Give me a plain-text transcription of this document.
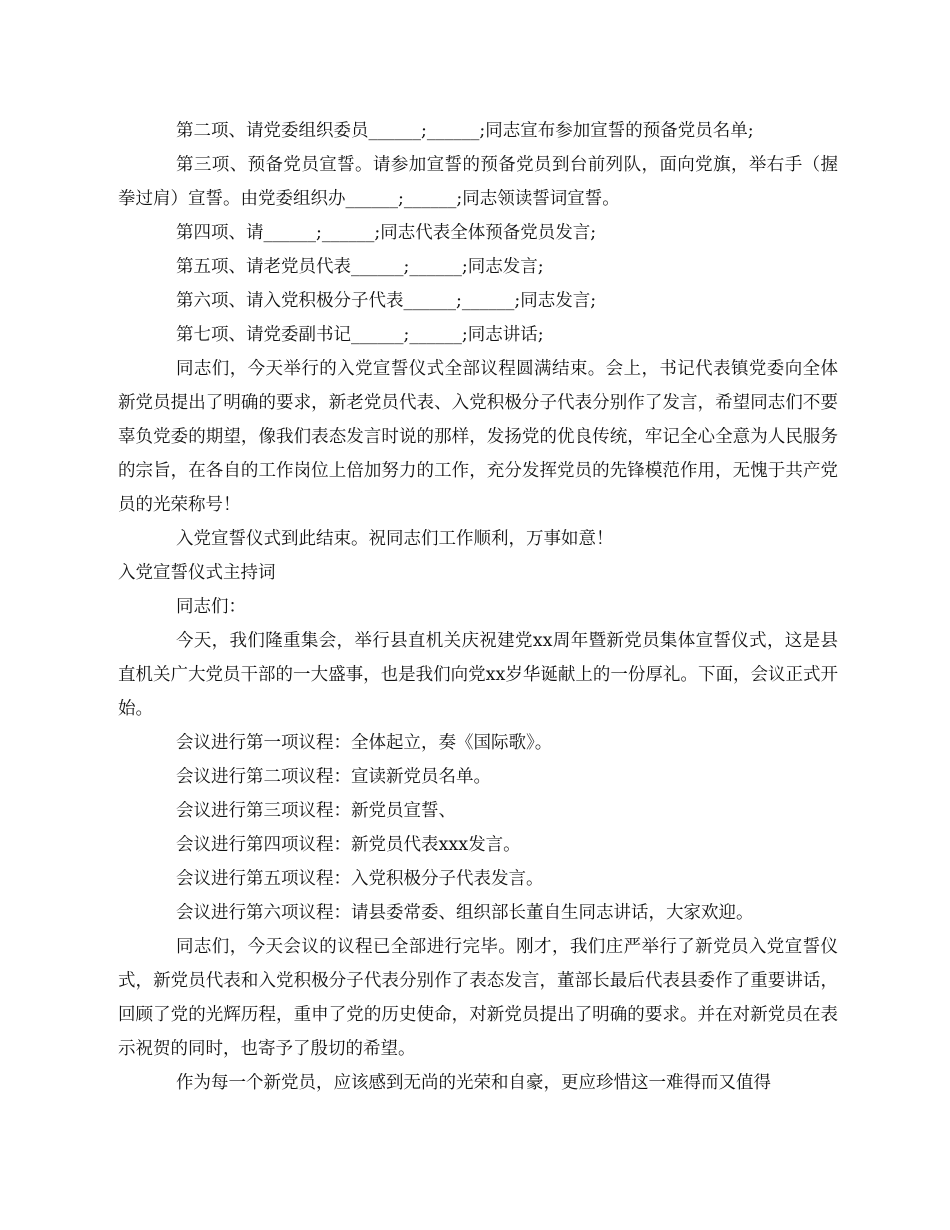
第二项、请党委组织委员______;______;同志宣布参加宣誓的预备党员名单;

第三项、预备党员宣誓。请参加宣誓的预备党员到台前列队，面向党旗，举右手（握拳过肩）宣誓。由党委组织办______;______;同志领读誓词宣誓。

第四项、请______;______;同志代表全体预备党员发言;

第五项、请老党员代表______;______;同志发言;

第六项、请入党积极分子代表______;______;同志发言;

第七项、请党委副书记______;______;同志讲话;

同志们，今天举行的入党宣誓仪式全部议程圆满结束。会上，书记代表镇党委向全体新党员提出了明确的要求，新老党员代表、入党积极分子代表分别作了发言，希望同志们不要辜负党委的期望，像我们表态发言时说的那样，发扬党的优良传统，牢记全心全意为人民服务的宗旨，在各自的工作岗位上倍加努力的工作，充分发挥党员的先锋模范作用，无愧于共产党员的光荣称号！

入党宣誓仪式到此结束。祝同志们工作顺利，万事如意！

入党宣誓仪式主持词

同志们：

今天，我们隆重集会，举行县直机关庆祝建党xx周年暨新党员集体宣誓仪式，这是县直机关广大党员干部的一大盛事，也是我们向党xx岁华诞献上的一份厚礼。下面，会议正式开始。

会议进行第一项议程：全体起立，奏《国际歌》。

会议进行第二项议程：宣读新党员名单。

会议进行第三项议程：新党员宣誓、

会议进行第四项议程：新党员代表xxx发言。

会议进行第五项议程：入党积极分子代表发言。

会议进行第六项议程：请县委常委、组织部长董自生同志讲话，大家欢迎。

同志们，今天会议的议程已全部进行完毕。刚才，我们庄严举行了新党员入党宣誓仪式，新党员代表和入党积极分子代表分别作了表态发言，董部长最后代表县委作了重要讲话，回顾了党的光辉历程，重申了党的历史使命，对新党员提出了明确的要求。并在对新党员在表示祝贺的同时，也寄予了殷切的希望。

作为每一个新党员，应该感到无尚的光荣和自豪，更应珍惜这一难得而又值得
